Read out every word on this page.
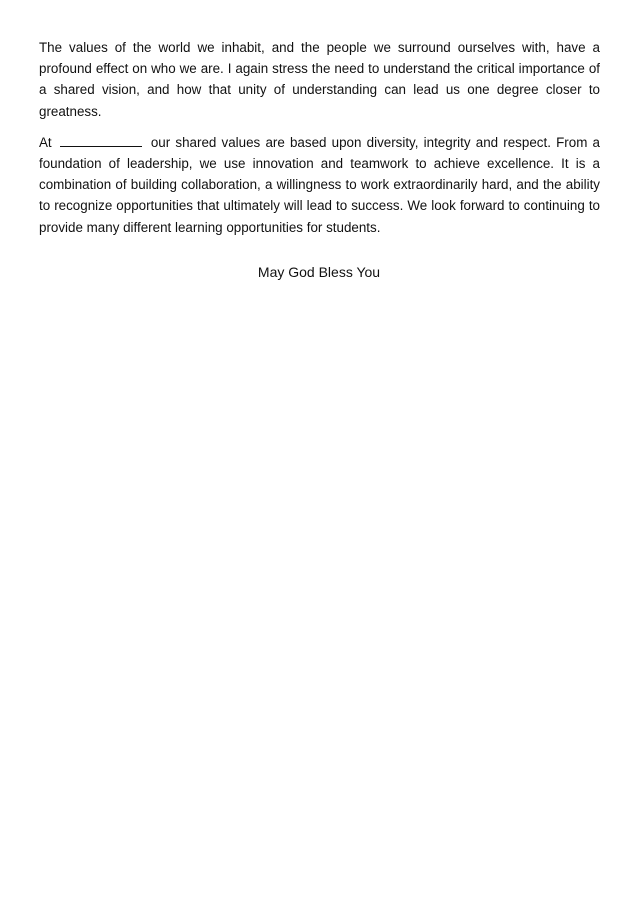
The values of the world we inhabit, and the people we surround ourselves with, have a profound effect on who we are. I again stress the need to understand the critical importance of a shared vision, and how that unity of understanding can lead us one degree closer to greatness.

At	our shared values are based upon diversity, integrity and respect. From a foundation of leadership, we use innovation and teamwork to achieve excellence. It is a combination of building collaboration, a willingness to work extraordinarily hard, and the ability to recognize opportunities that ultimately will lead to success. We look forward to continuing to provide many different learning opportunities for students.

May God Bless You
